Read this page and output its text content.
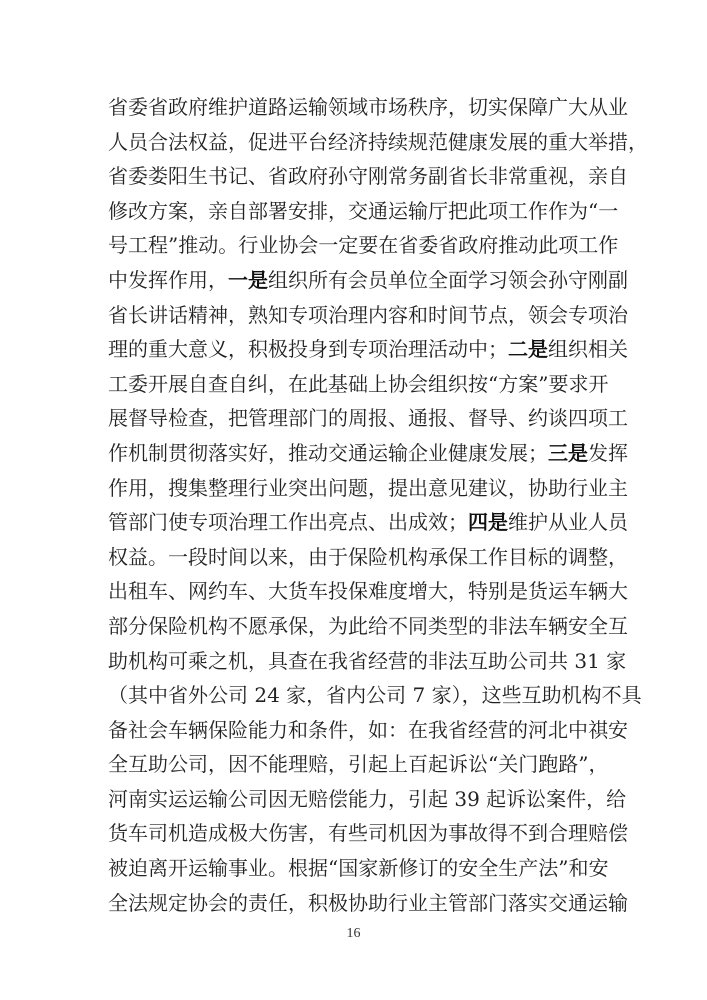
省委省政府维护道路运输领域市场秩序，切实保障广大从业
人员合法权益，促进平台经济持续规范健康发展的重大举措，
省委娄阳生书记、省政府孙守刚常务副省长非常重视，亲自
修改方案，亲自部署安排，交通运输厅把此项工作作为“一
号工程”推动。行业协会一定要在省委省政府推动此项工作
中发挥作用，一是组织所有会员单位全面学习领会孙守刚副
省长讲话精神，熟知专项治理内容和时间节点，领会专项治
理的重大意义，积极投身到专项治理活动中；二是组织相关
工委开展自查自纠，在此基础上协会组织按“方案”要求开
展督导检查，把管理部门的周报、通报、督导、约谈四项工
作机制贯彻落实好，推动交通运输企业健康发展；三是发挥
作用，搜集整理行业突出问题，提出意见建议，协助行业主
管部门使专项治理工作出亮点、出成效；四是维护从业人员
权益。一段时间以来，由于保险机构承保工作目标的调整，
出租车、网约车、大货车投保难度增大，特别是货运车辆大
部分保险机构不愿承保，为此给不同类型的非法车辆安全互
助机构可乘之机，具查在我省经营的非法互助公司共 31 家
（其中省外公司 24 家，省内公司 7 家），这些互助机构不具
备社会车辆保险能力和条件，如：在我省经营的河北中祺安
全互助公司，因不能理赔，引起上百起诉讼“关门跑路”，
河南实运运输公司因无赔偿能力，引起 39 起诉讼案件，给
货车司机造成极大伤害，有些司机因为事故得不到合理赔偿
被迫离开运输事业。根据“国家新修订的安全生产法”和安
全法规定协会的责任，积极协助行业主管部门落实交通运输
16
